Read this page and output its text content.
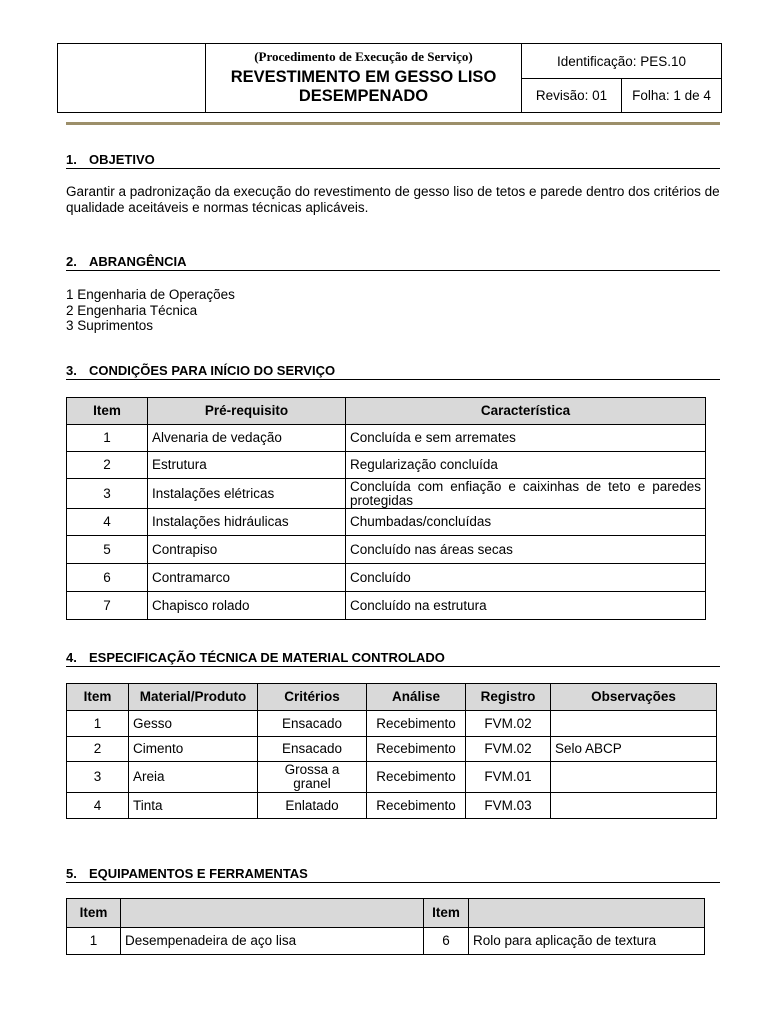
	(Procedimento de Execução de Serviço)
REVESTIMENTO EM GESSO LISO
DESEMPENADO	Identificação: PES.10	
		Revisão: 01	Folha: 1 de 4
1. OBJETIVO
Garantir a padronização da execução do revestimento de gesso liso de tetos e parede dentro dos critérios de qualidade aceitáveis e normas técnicas aplicáveis.
2. ABRANGÊNCIA
1 Engenharia de Operações
2 Engenharia Técnica
3 Suprimentos
3. CONDIÇÕES PARA INÍCIO DO SERVIÇO
Item	Pré-requisito	Característica
1	Alvenaria de vedação	Concluída e sem arremates
2	Estrutura	Regularização concluída
3	Instalações elétricas	Concluída com enfiação e caixinhas de teto e paredes protegidas
4	Instalações hidráulicas	Chumbadas/concluídas
5	Contrapiso	Concluído nas áreas secas
6	Contramarco	Concluído
7	Chapisco rolado	Concluído na estrutura
4. ESPECIFICAÇÃO TÉCNICA DE MATERIAL CONTROLADO
Item	Material/Produto	Critérios	Análise	Registro	Observações
1	Gesso	Ensacado	Recebimento	FVM.02	
2	Cimento	Ensacado	Recebimento	FVM.02	Selo ABCP
3	Areia	Grossa a granel	Recebimento	FVM.01	
4	Tinta	Enlatado	Recebimento	FVM.03	
5. EQUIPAMENTOS E FERRAMENTAS
Item		Item	
1	Desempenadeira de aço lisa	6	Rolo para aplicação de textura
